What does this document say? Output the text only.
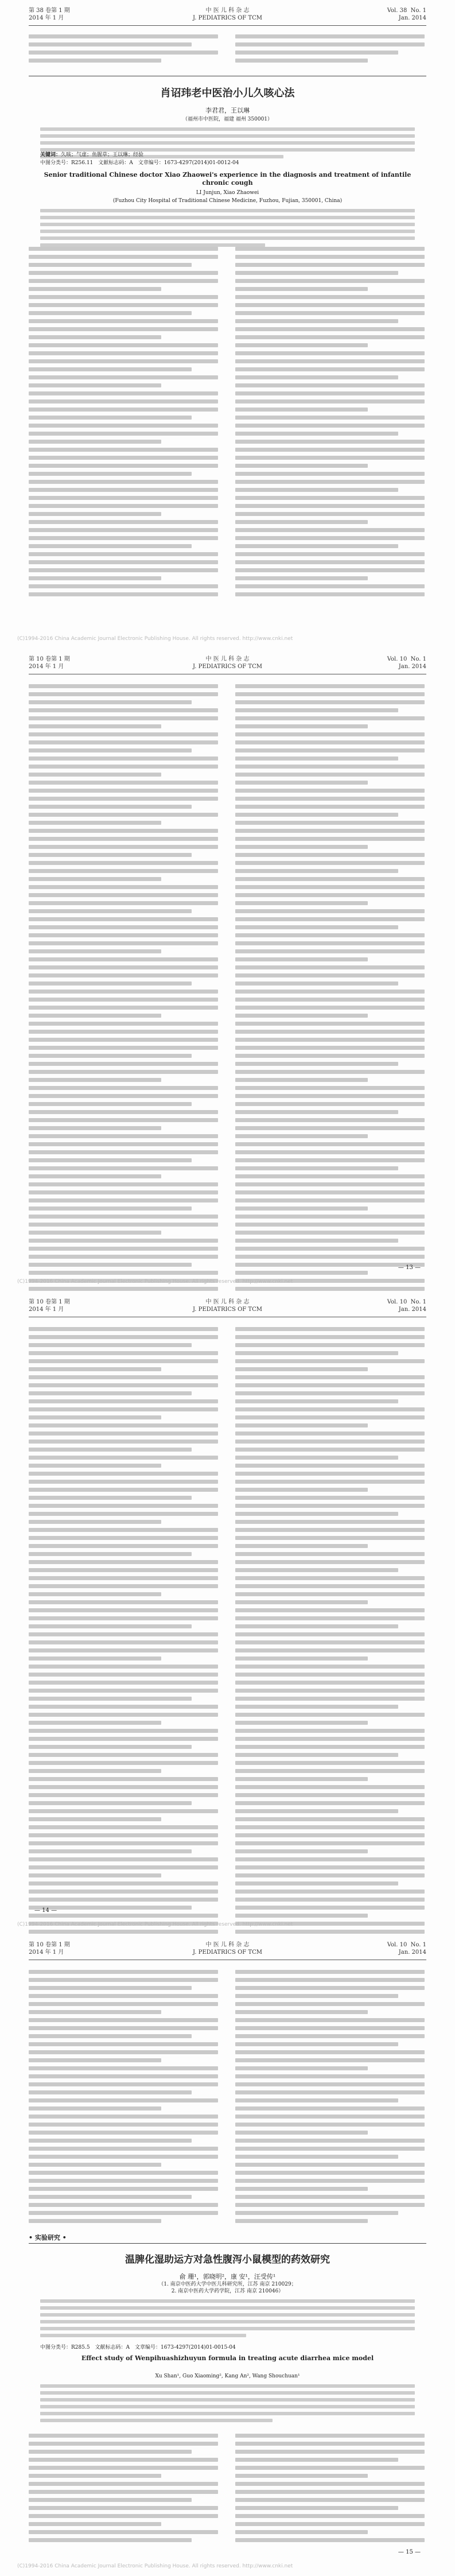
第 38 卷第 1 期
2014 年 1 月
中 医 儿 科 杂 志
J. PEDIATRICS OF TCM
Vol. 38  No. 1
Jan. 2014
肖诏玮老中医治小儿久咳心法
李君君，王以琳
（福州市中医院，福建 福州 350001）
关键词：久咳；气虚；鱼腥草；王以琳；经验
中图分类号：R256.11　文献标志码：A　文章编号：1673-4297(2014)01-0012-04
Senior traditional Chinese doctor Xiao Zhaowei's experience in the diagnosis and treatment of infantile chronic cough
LI Junjun, Xiao Zhaowei
(Fuzhou City Hospital of Traditional Chinese Medicine, Fuzhou, Fujian, 350001, China)
(C)1994-2016 China Academic Journal Electronic Publishing House. All rights reserved. http://www.cnki.net
第 10 卷第 1 期
2014 年 1 月
中 医 儿 科 杂 志
J. PEDIATRICS OF TCM
Vol. 10  No. 1
Jan. 2014
— 13 —
(C)1994-2016 China Academic Journal Electronic Publishing House. All rights reserved. http://www.cnki.net
第 10 卷第 1 期
2014 年 1 月
中 医 儿 科 杂 志
J. PEDIATRICS OF TCM
Vol. 10  No. 1
Jan. 2014
— 14 —
(C)1994-2016 China Academic Journal Electronic Publishing House. All rights reserved. http://www.cnki.net
第 10 卷第 1 期
2014 年 1 月
中 医 儿 科 杂 志
J. PEDIATRICS OF TCM
Vol. 10  No. 1
Jan. 2014
• 实验研究 •
温脾化湿助运方对急性腹泻小鼠模型的药效研究
俞 珊¹，郭晓明²，康 安¹，汪受传¹
（1. 南京中医药大学中医儿科研究所，江苏 南京 210029；
2. 南京中医药大学药学院，江苏 南京 210046）
中图分类号：R285.5　文献标志码：A　文章编号：1673-4297(2014)01-0015-04
Effect study of Wenpihuashizhuyun formula in treating acute diarrhea mice model
Xu Shan¹, Guo Xiaoming², Kang An², Wang Shouchuan¹
— 15 —
(C)1994-2016 China Academic Journal Electronic Publishing House. All rights reserved. http://www.cnki.net
